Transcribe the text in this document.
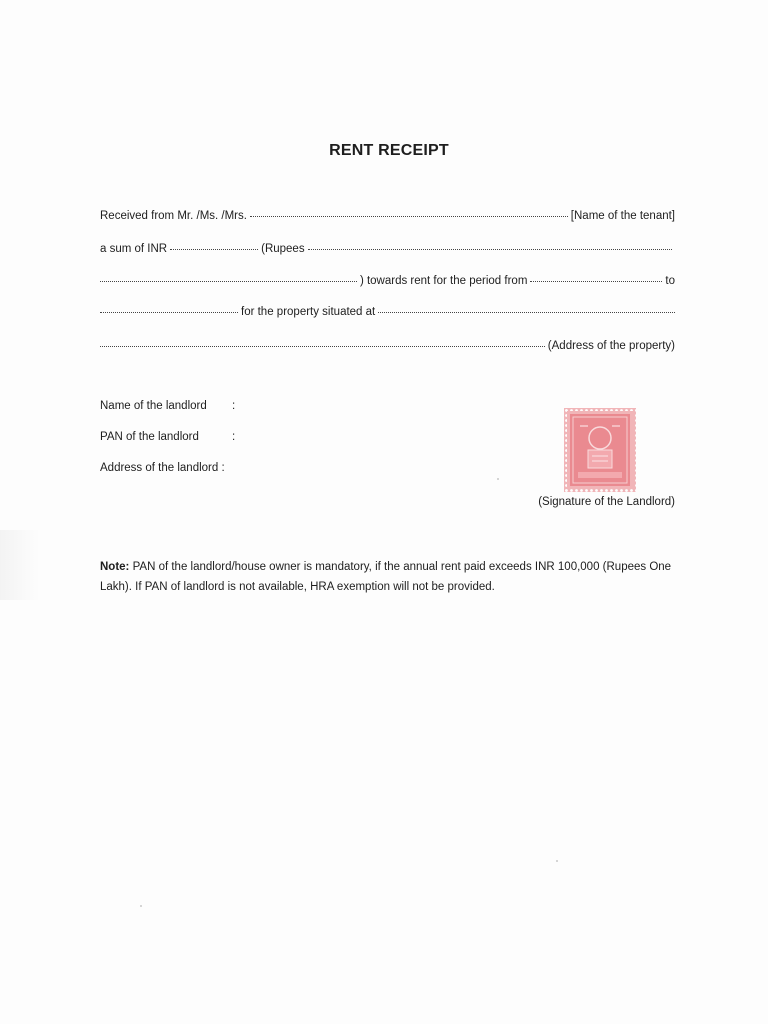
RENT RECEIPT
Received from Mr. /Ms. /Mrs.	[Name of the tenant]
a sum of INR	(Rupees
) towards rent for the period from	to
for the property situated at
(Address of the property)
Name of the landlord :
PAN of the landlord	:
Address of the landlord :
(Signature of the Landlord)
Note: PAN of the landlord/house owner is mandatory, if the annual rent paid exceeds INR 100,000 (Rupees One Lakh). If PAN of landlord is not available, HRA exemption will not be provided.
